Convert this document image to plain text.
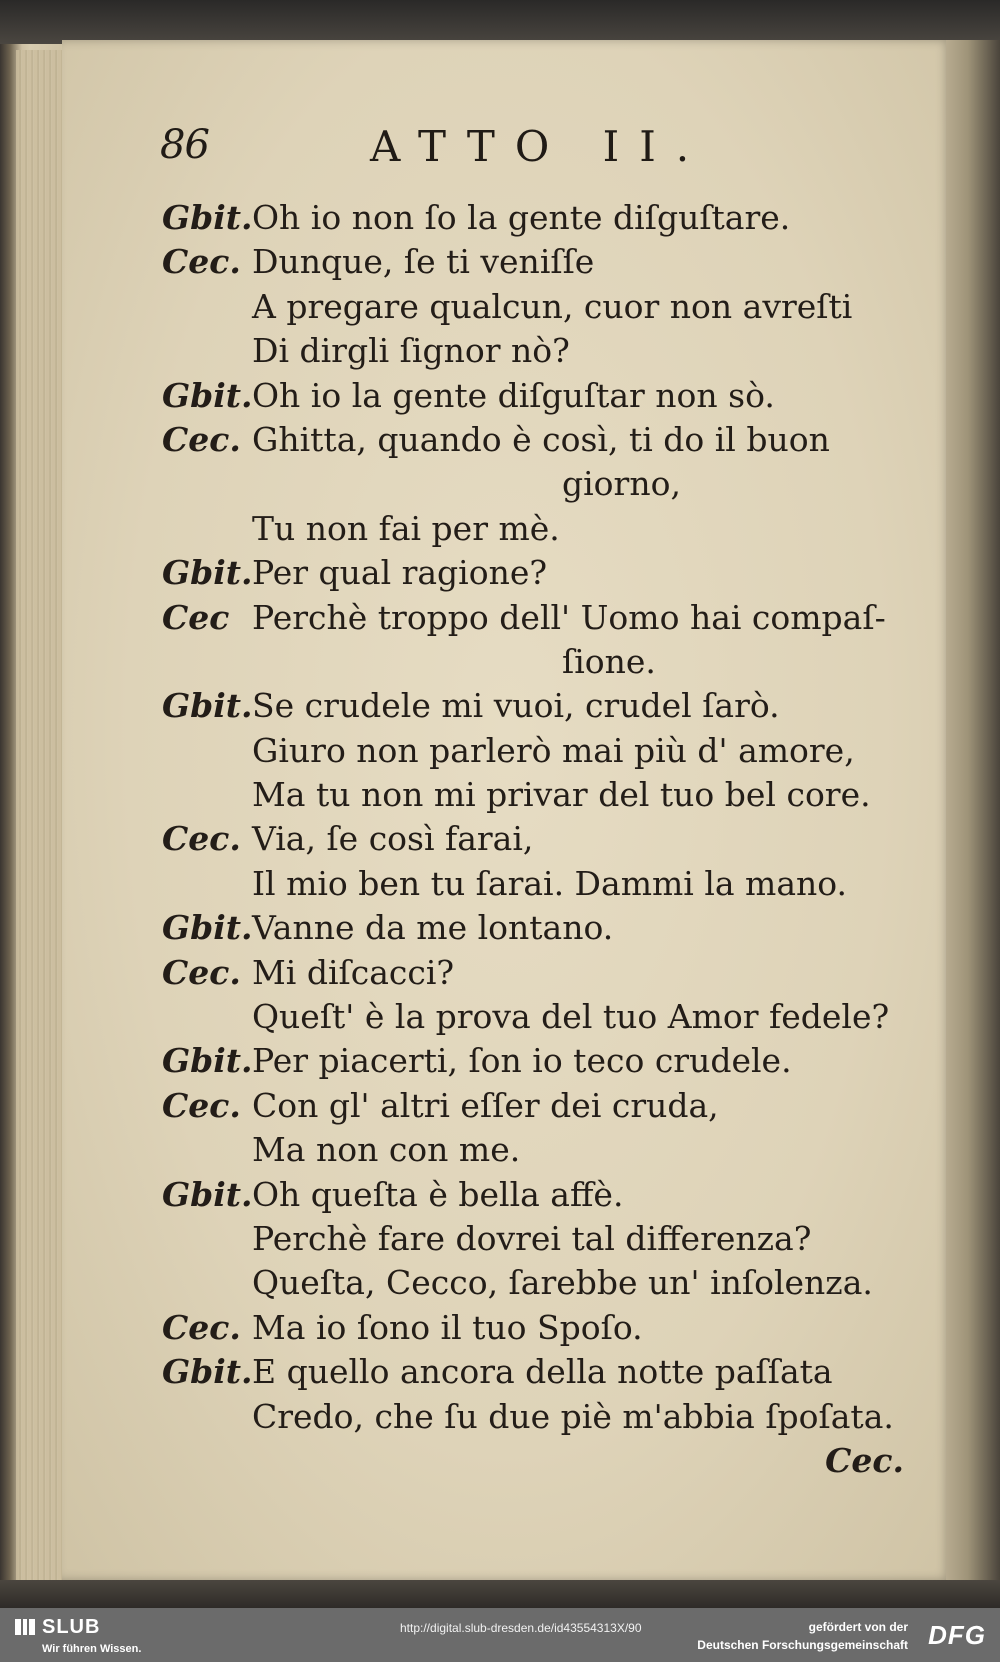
86	ATTO II.
Gbit. Oh io non ſo la gente diſguſtare.
Cec. Dunque, ſe ti veniſſe
A pregare qualcun, cuor non avreſti
Di dirgli ſignor nò?
Gbit. Oh io la gente diſguſtar non sò.
Cec. Ghitta, quando è così, ti do il buon
giorno,
Tu non fai per mè.
Gbit. Per qual ragione?
Cec Perchè troppo dell' Uomo hai compaſ-
ſione.
Gbit. Se crudele mi vuoi, crudel ſarò.
Giuro non parlerò mai più d' amore,
Ma tu non mi privar del tuo bel core.
Cec. Via, ſe così farai,
Il mio ben tu ſarai. Dammi la mano.
Gbit. Vanne da me lontano.
Cec. Mi diſcacci?
Queſt' è la prova del tuo Amor fedele?
Gbit. Per piacerti, ſon io teco crudele.
Cec. Con gl' altri eſſer dei cruda,
Ma non con me.
Gbit. Oh queſta è bella affè.
Perchè fare dovrei tal differenza?
Queſta, Cecco, ſarebbe un' inſolenza.
Cec. Ma io ſono il tuo Spoſo.
Gbit. E quello ancora della notte paſſata
Credo, che ſu due piè m'abbia ſpoſata.
Cec.
SLUB
Wir führen Wissen.
http://digital.slub-dresden.de/id43554313X/90	gefördert von der
Deutschen Forschungsgemeinschaft DFG
